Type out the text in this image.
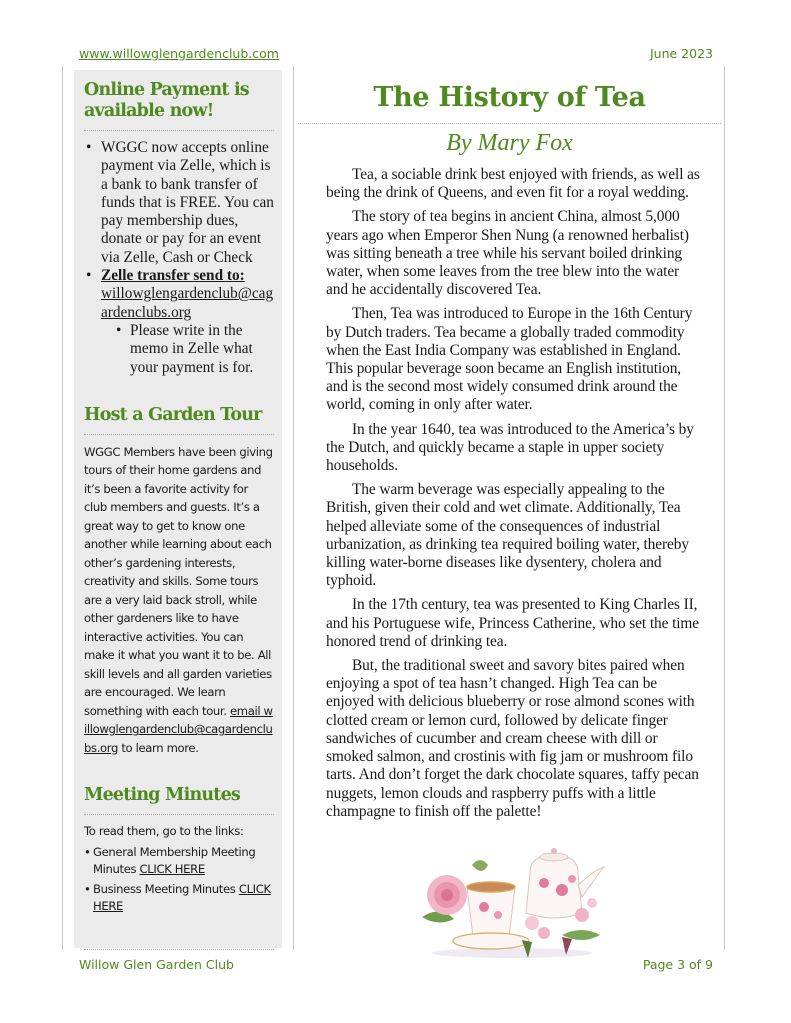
www.willowglengardenclub.com	June 2023
Online Payment is
available now!
• WGGC now accepts online payment via Zelle, which is a bank to bank transfer of funds that is FREE. You can pay membership dues, donate or pay for an event via Zelle, Cash or Check
• Zelle transfer send to:
willowglengardenclub@cagardenclubs.org
• Please write in the memo in Zelle what your payment is for.
Host a Garden Tour

WGGC Members have been giving tours of their home gardens and it’s been a favorite activity for club members and guests. It’s a great way to get to know one another while learning about each other’s gardening interests, creativity and skills. Some tours are a very laid back stroll, while other gardeners like to have interactive activities. You can make it what you want it to be. All skill levels and all garden varieties are encouraged. We learn something with each tour. email willowglengardenclub@cagardenclubs.org to learn more.

Meeting Minutes

To read them, go to the links:

• General Membership Meeting Minutes CLICK HERE
• Business Meeting Minutes CLICK HERE
The History of Tea
By Mary Fox

Tea, a sociable drink best enjoyed with friends, as well as being the drink of Queens, and even fit for a royal wedding.

The story of tea begins in ancient China, almost 5,000 years ago when Emperor Shen Nung (a renowned herbalist) was sitting beneath a tree while his servant boiled drinking water, when some leaves from the tree blew into the water and he accidentally discovered Tea.

Then, Tea was introduced to Europe in the 16th Century by Dutch traders. Tea became a globally traded commodity when the East India Company was established in England. This popular beverage soon became an English institution, and is the second most widely consumed drink around the world, coming in only after water.

In the year 1640, tea was introduced to the America’s by the Dutch, and quickly became a staple in upper society households.

The warm beverage was especially appealing to the British, given their cold and wet climate. Additionally, Tea helped alleviate some of the consequences of industrial urbanization, as drinking tea required boiling water, thereby killing water-borne diseases like dysentery, cholera and typhoid.

In the 17th century, tea was presented to King Charles II, and his Portuguese wife, Princess Catherine, who set the time honored trend of drinking tea.

But, the traditional sweet and savory bites paired when enjoying a spot of tea hasn’t changed. High Tea can be enjoyed with delicious blueberry or rose almond scones with clotted cream or lemon curd, followed by delicate finger sandwiches of cucumber and cream cheese with dill or smoked salmon, and crostinis with fig jam or mushroom filo tarts. And don’t forget the dark chocolate squares, taffy pecan nuggets, lemon clouds and raspberry puffs with a little champagne to finish off the palette!

Willow Glen Garden Club	Page 3 of 9
